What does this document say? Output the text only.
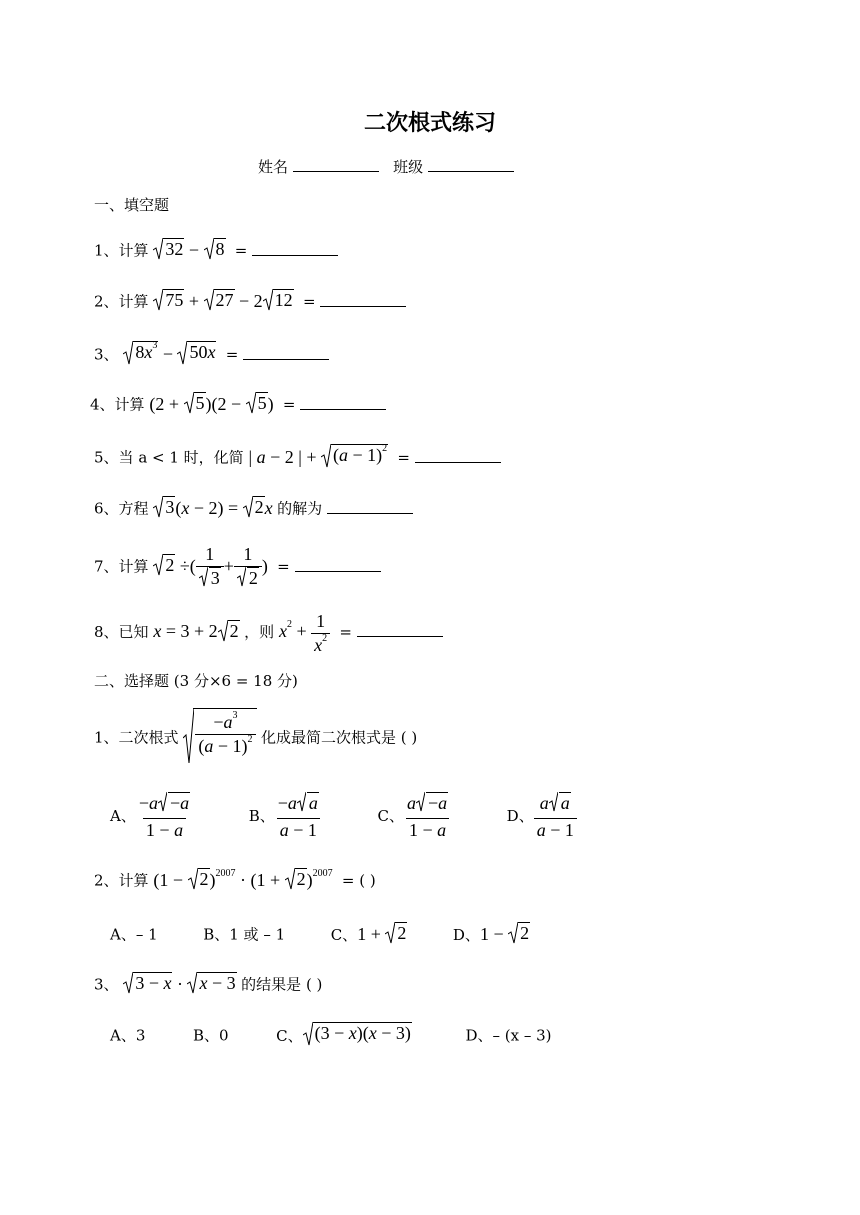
二次根式练习
姓名	班级
一、填空题
1、计算 32 − 8 =
2、计算 75 + 27 − 2 12 =
3、 $8x^3 - 50x$ =
4、计算 (2 + 5 )(2 − 5 )  =
5、当 a < 1 时，化简 | a − 2 | + $(a - 1)^2$
=
6、方程 3 (x − 2) = 2 x 的解为
7、计算 2 ÷( $\frac{1}{3} + \frac{1}{2}$ )  =
8、已知 x = 3 + 2 2 ，则 $x^2 + \frac{1}{x^2}$ =
二、选择题 (3 分×6 = 18 分)
1、二次根式 $\frac{-a^3}{(a - 1)^2}$ 化成最简二次根式是 ( )
A、 $\frac{-a -a}{1 - a}$	B、 $\frac{\text{−a a}}{a - 1}$	C、 $\frac{a -a}{1 - a}$	D、 $\frac{\text{a a}}{a - 1}$
2、计算 (1 − 2 )$^{2007}$ · (1 + 2 )$^{2007}$ = ( )
A、– 1	B、1 或 – 1	C、1 + 2	D、1 − 2
3、 3 − x · x − 3 的结果是 ( )
A、3	B、0	C、 (3 − x)(x − 3)	D、– (x – 3)
